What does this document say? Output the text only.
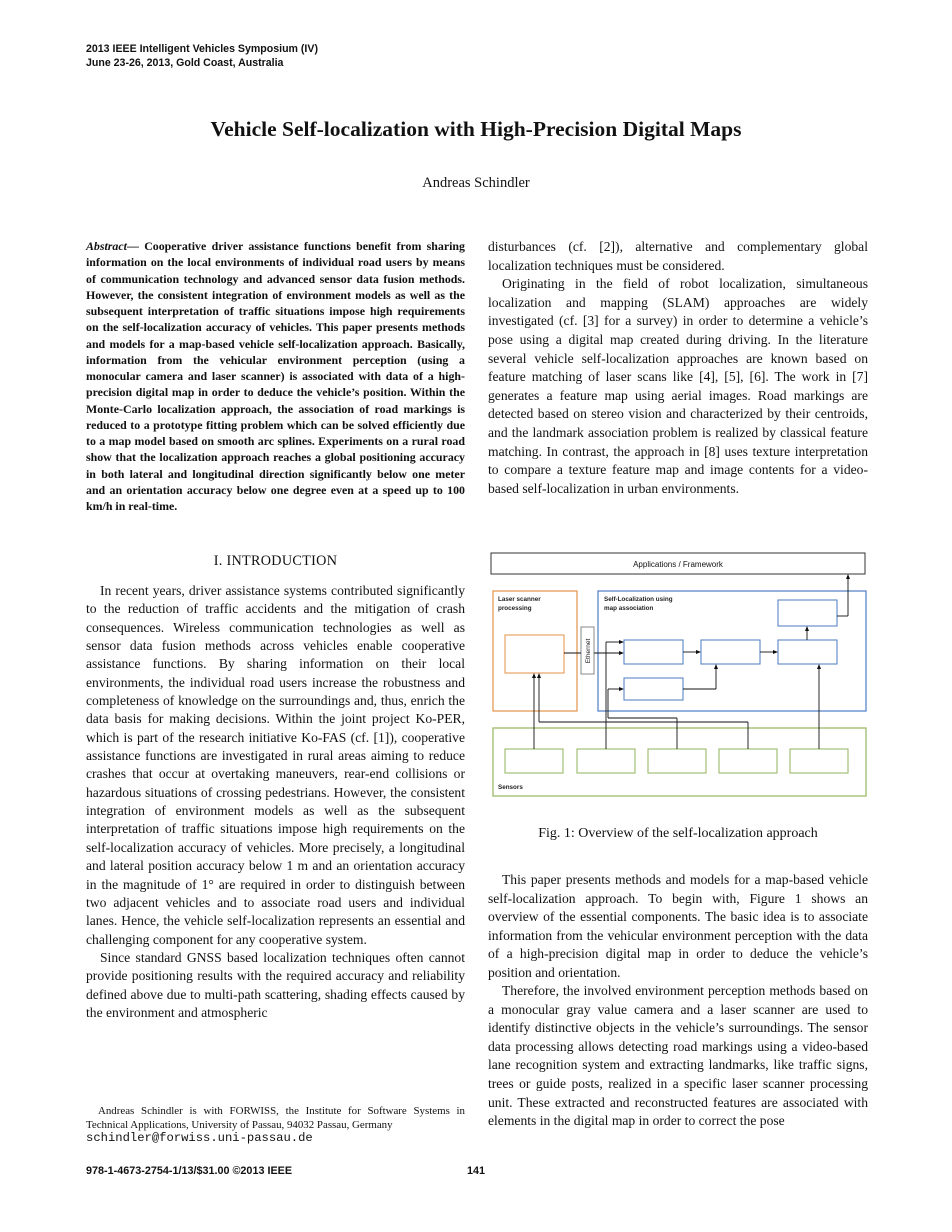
2013 IEEE Intelligent Vehicles Symposium (IV)
June 23-26, 2013, Gold Coast, Australia
Vehicle Self-localization with High-Precision Digital Maps
Andreas Schindler
Abstract— Cooperative driver assistance functions benefit from sharing information on the local environments of individual road users by means of communication technology and advanced sensor data fusion methods. However, the consistent integration of environment models as well as the subsequent interpretation of traffic situations impose high requirements on the self-localization accuracy of vehicles. This paper presents methods and models for a map-based vehicle self-localization approach. Basically, information from the vehicular environment perception (using a monocular camera and laser scanner) is associated with data of a high-precision digital map in order to deduce the vehicle’s position. Within the Monte-Carlo localization approach, the association of road markings is reduced to a prototype fitting problem which can be solved efficiently due to a map model based on smooth arc splines. Experiments on a rural road show that the localization approach reaches a global positioning accuracy in both lateral and longitudinal direction significantly below one meter and an orientation accuracy below one degree even at a speed up to 100 km/h in real-time.
I. INTRODUCTION

In recent years, driver assistance systems contributed significantly to the reduction of traffic accidents and the mitigation of crash consequences. Wireless communication technologies as well as sensor data fusion methods across vehicles enable cooperative assistance functions. By sharing information on their local environments, the individual road users increase the robustness and completeness of knowledge on the surroundings and, thus, enrich the data basis for making decisions. Within the joint project Ko-PER, which is part of the research initiative Ko-FAS (cf. [1]), cooperative assistance functions are investigated in rural areas aiming to reduce crashes that occur at overtaking maneuvers, rear-end collisions or hazardous situations of crossing pedestrians. However, the consistent integration of environment models as well as the subsequent interpretation of traffic situations impose high requirements on the self-localization accuracy of vehicles. More precisely, a longitudinal and lateral position accuracy below 1 m and an orientation accuracy in the magnitude of 1° are required in order to distinguish between two adjacent vehicles and to associate road users and individual lanes. Hence, the vehicle self-localization represents an essential and challenging component for any cooperative system.

Since standard GNSS based localization techniques often cannot provide positioning results with the required accuracy and reliability defined above due to multi-path scattering, shading effects caused by the environment and atmospheric

disturbances (cf. [2]), alternative and complementary global localization techniques must be considered.

Originating in the field of robot localization, simultaneous localization and mapping (SLAM) approaches are widely investigated (cf. [3] for a survey) in order to determine a vehicle’s pose using a digital map created during driving. In the literature several vehicle self-localization approaches are known based on feature matching of laser scans like [4], [5], [6]. The work in [7] generates a feature map using aerial images. Road markings are detected based on stereo vision and characterized by their centroids, and the landmark association problem is realized by classical feature matching. In contrast, the approach in [8] uses texture interpretation to compare a texture feature map and image contents for a video-based self-localization in urban environments.

Applications / Framework
Laser scanner
processing
Ethernet
Self-Localization using
map association
Sensors
Fig. 1: Overview of the self-localization approach

This paper presents methods and models for a map-based vehicle self-localization approach. To begin with, Figure 1 shows an overview of the essential components. The basic idea is to associate information from the vehicular environment perception with the data of a high-precision digital map in order to deduce the vehicle’s position and orientation.

Therefore, the involved environment perception methods based on a monocular gray value camera and a laser scanner are used to identify distinctive objects in the vehicle’s surroundings. The sensor data processing allows detecting road markings using a video-based lane recognition system and extracting landmarks, like traffic signs, trees or guide posts, realized in a specific laser scanner processing unit. These extracted and reconstructed features are associated with elements in the digital map in order to correct the pose

Andreas Schindler is with FORWISS, the Institute for Software Systems in Technical Applications, University of Passau, 94032 Passau, Germany
schindler@forwiss.uni-passau.de
978-1-4673-2754-1/13/$31.00 ©2013 IEEE	141
